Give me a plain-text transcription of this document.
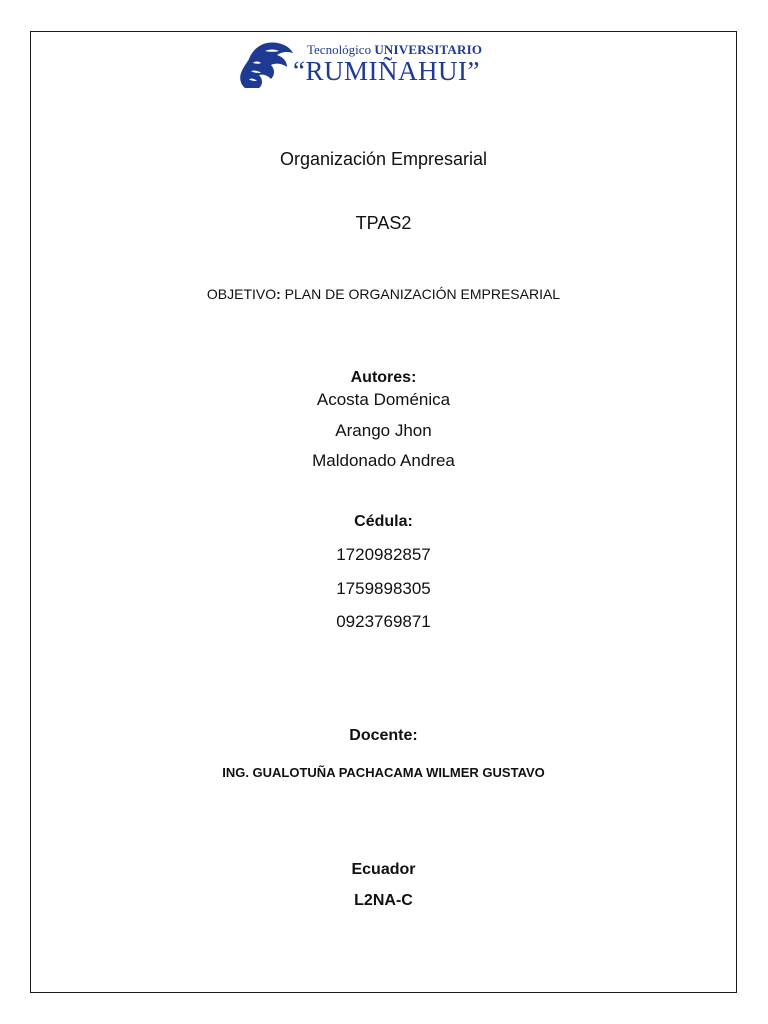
Tecnológico UNIVERSITARIO
“RUMIÑAHUI”
Organización Empresarial
TPAS2
OBJETIVO: PLAN DE ORGANIZACIÓN EMPRESARIAL
Autores:
Acosta Doménica
Arango Jhon
Maldonado Andrea
Cédula:
1720982857
1759898305
0923769871
Docente:
ING. GUALOTUÑA PACHACAMA WILMER GUSTAVO
Ecuador
L2NA-C
